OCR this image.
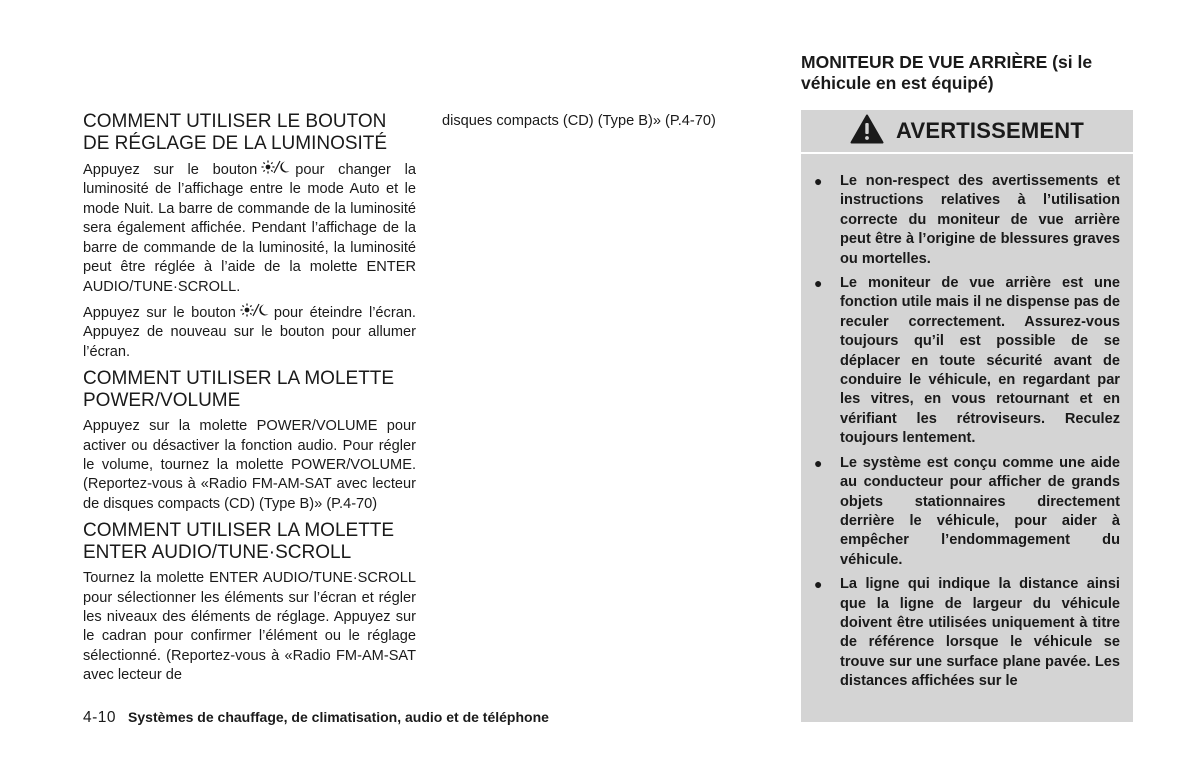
COMMENT UTILISER LE BOUTON DE RÉGLAGE DE LA LUMINOSITÉ

Appuyez sur le bouton	pour changer la luminosité de l’affichage entre le mode Auto et le mode Nuit. La barre de commande de la luminosité sera également affichée. Pendant l’affichage de la barre de commande de la luminosité, la luminosité peut être réglée à l’aide de la molette ENTER AUDIO/TUNE·SCROLL.

Appuyez sur le bouton	pour éteindre l’écran. Appuyez de nouveau sur le bouton pour allumer l’écran.

COMMENT UTILISER LA MOLETTE POWER/VOLUME

Appuyez sur la molette POWER/VOLUME pour activer ou désactiver la fonction audio. Pour régler le volume, tournez la molette POWER/VOLUME. (Reportez-vous à «Radio FM-AM-SAT avec lecteur de disques compacts (CD) (Type B)» (P.4-70)

COMMENT UTILISER LA MOLETTE ENTER AUDIO/TUNE·SCROLL

Tournez la molette ENTER AUDIO/TUNE·SCROLL pour sélectionner les éléments sur l’écran et régler les niveaux des éléments de réglage. Appuyez sur le cadran pour confirmer l’élément ou le réglage sélectionné. (Reportez-vous à «Radio FM-AM-SAT avec lecteur de

disques compacts (CD) (Type B)» (P.4-70)

MONITEUR DE VUE ARRIÈRE (si le véhicule en est équipé)
AVERTISSEMENT
●	Le non-respect des avertissements et instructions relatives à l’utilisation correcte du moniteur de vue arrière peut être à l’origine de blessures graves ou mortelles.
●	Le moniteur de vue arrière est une fonction utile mais il ne dispense pas de reculer correctement. Assurez-vous toujours qu’il est possible de se déplacer en toute sécurité avant de conduire le véhicule, en regardant par les vitres, en vous retournant et en vérifiant les rétroviseurs. Reculez toujours lentement.
●	Le système est conçu comme une aide au conducteur pour afficher de grands objets stationnaires directement derrière le véhicule, pour aider à empêcher l’endommagement du véhicule.
●	La ligne qui indique la distance ainsi que la ligne de largeur du véhicule doivent être utilisées uniquement à titre de référence lorsque le véhicule se trouve sur une surface plane pavée. Les distances affichées sur le
4-10 Systèmes de chauffage, de climatisation, audio et de téléphone
